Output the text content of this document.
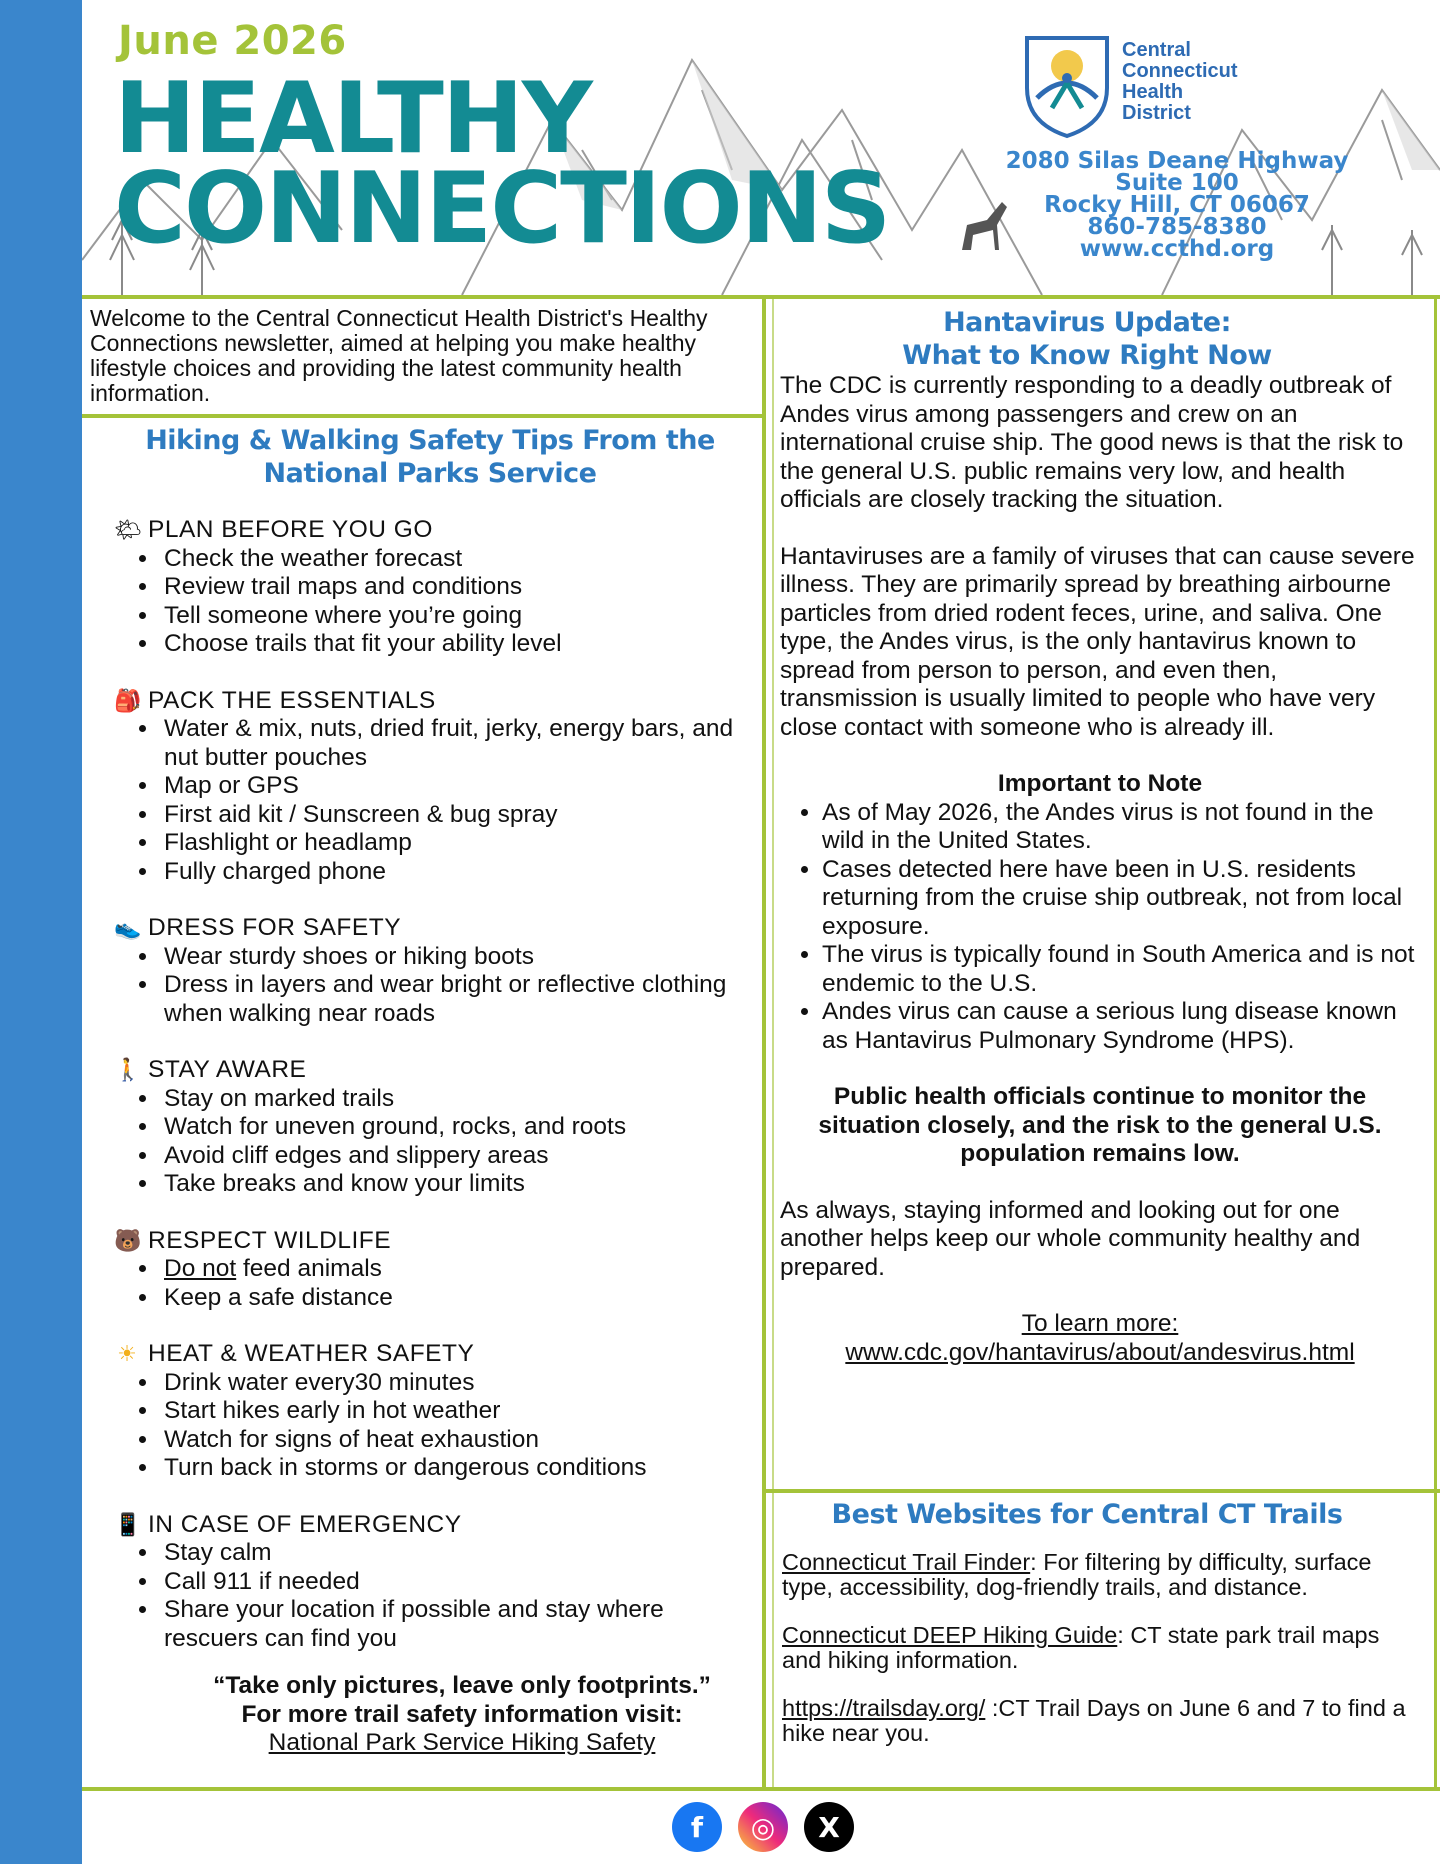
June 2026
HEALTHY
CONNECTIONS
Central
Connecticut
Health
District
2080 Silas Deane Highway
Suite 100
Rocky Hill, CT 06067
860-785-8380
www.ccthd.org
Welcome to the Central Connecticut Health District's Healthy Connections newsletter, aimed at helping you make healthy lifestyle choices and providing the latest community health information.
Hiking & Walking Safety Tips From the
National Parks Service
🌤 PLAN BEFORE YOU GO
• Check the weather forecast
• Review trail maps and conditions
• Tell someone where you’re going
• Choose trails that fit your ability level
🎒 PACK THE ESSENTIALS
• Water & mix, nuts, dried fruit, jerky, energy bars, and nut butter pouches
• Map or GPS
• First aid kit / Sunscreen & bug spray
• Flashlight or headlamp
• Fully charged phone
👟 DRESS FOR SAFETY
• Wear sturdy shoes or hiking boots
• Dress in layers and wear bright or reflective clothing when walking near roads
🚶 STAY AWARE
• Stay on marked trails
• Watch for uneven ground, rocks, and roots
• Avoid cliff edges and slippery areas
• Take breaks and know your limits
🐻 RESPECT WILDLIFE
• Do not feed animals
• Keep a safe distance
☀ HEAT & WEATHER SAFETY
• Drink water every30 minutes
• Start hikes early in hot weather
• Watch for signs of heat exhaustion
• Turn back in storms or dangerous conditions
📱 IN CASE OF EMERGENCY
• Stay calm
• Call 911 if needed
• Share your location if possible and stay where rescuers can find you
“Take only pictures, leave only footprints.”
For more trail safety information visit:
National Park Service Hiking Safety
Hantavirus Update:
What to Know Right Now

The CDC is currently responding to a deadly outbreak of Andes virus among passengers and crew on an international cruise ship. The good news is that the risk to the general U.S. public remains very low, and health officials are closely tracking the situation.

Hantaviruses are a family of viruses that can cause severe illness. They are primarily spread by breathing airbourne particles from dried rodent feces, urine, and saliva. One type, the Andes virus, is the only hantavirus known to spread from person to person, and even then, transmission is usually limited to people who have very close contact with someone who is already ill.

Important to Note
• As of May 2026, the Andes virus is not found in the wild in the United States.
• Cases detected here have been in U.S. residents returning from the cruise ship outbreak, not from local exposure.
• The virus is typically found in South America and is not endemic to the U.S.
• Andes virus can cause a serious lung disease known as Hantavirus Pulmonary Syndrome (HPS).

Public health officials continue to monitor the situation closely, and the risk to the general U.S. population remains low.

As always, staying informed and looking out for one another helps keep our whole community healthy and prepared.

To learn more:
www.cdc.gov/hantavirus/about/andesvirus.html
Best Websites for Central CT Trails

Connecticut Trail Finder: For filtering by difficulty, surface type, accessibility, dog-friendly trails, and distance.

Connecticut DEEP Hiking Guide: CT state park trail maps and hiking information.

https://trailsday.org/ :CT Trail Days on June 6 and 7 to find a hike near you.

f ◎ X
